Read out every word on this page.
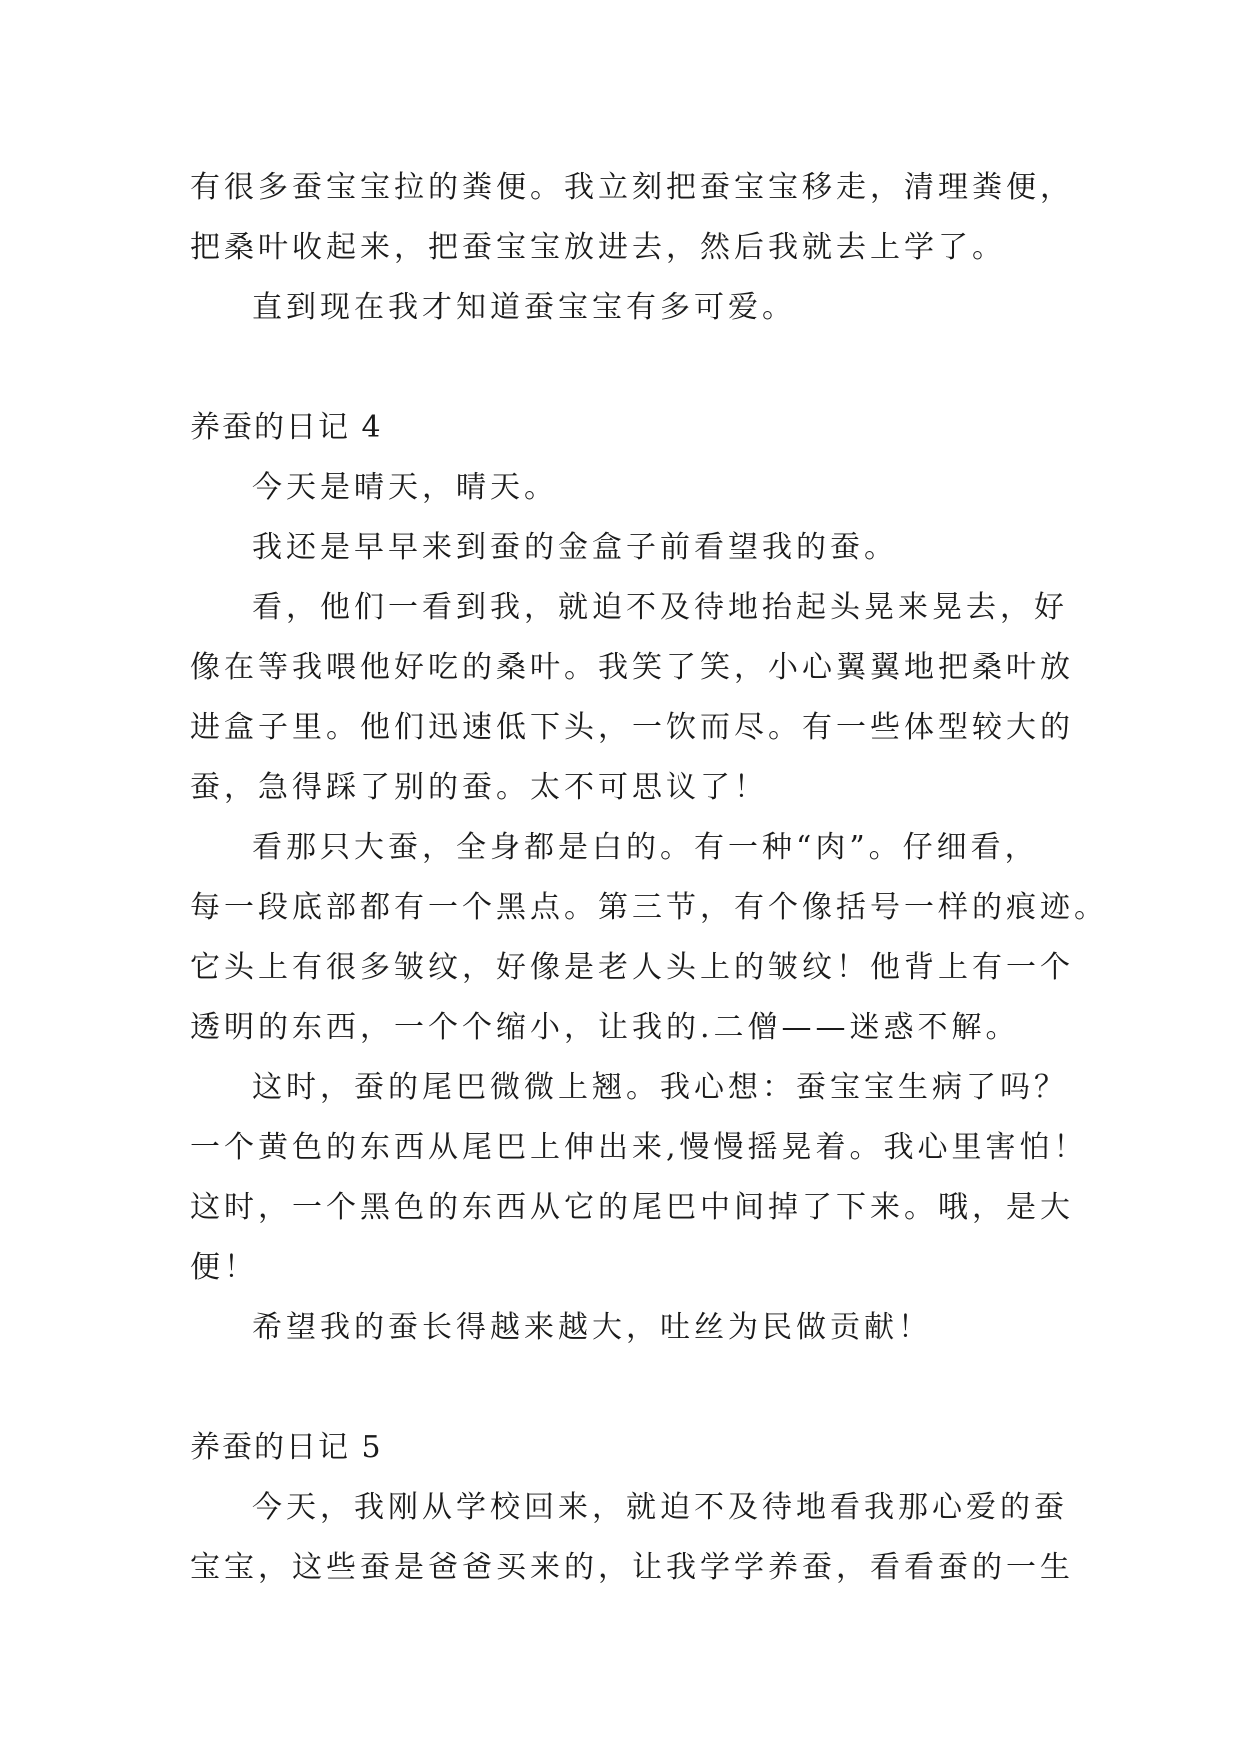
有很多蚕宝宝拉的粪便。我立刻把蚕宝宝移走，清理粪便，
把桑叶收起来，把蚕宝宝放进去，然后我就去上学了。
直到现在我才知道蚕宝宝有多可爱。
养蚕的日记 4
今天是晴天，晴天。
我还是早早来到蚕的金盒子前看望我的蚕。
看，他们一看到我，就迫不及待地抬起头晃来晃去，好
像在等我喂他好吃的桑叶。我笑了笑，小心翼翼地把桑叶放
进盒子里。他们迅速低下头，一饮而尽。有一些体型较大的
蚕，急得踩了别的蚕。太不可思议了！
看那只大蚕，全身都是白的。有一种“肉”。仔细看，
每一段底部都有一个黑点。第三节，有个像括号一样的痕迹。
它头上有很多皱纹，好像是老人头上的皱纹！他背上有一个
透明的东西，一个个缩小，让我的.二僧——迷惑不解。
这时，蚕的尾巴微微上翘。我心想：蚕宝宝生病了吗？
一个黄色的东西从尾巴上伸出来,慢慢摇晃着。我心里害怕！
这时，一个黑色的东西从它的尾巴中间掉了下来。哦，是大
便！
希望我的蚕长得越来越大，吐丝为民做贡献！
养蚕的日记 5
今天，我刚从学校回来，就迫不及待地看我那心爱的蚕
宝宝，这些蚕是爸爸买来的，让我学学养蚕，看看蚕的一生
